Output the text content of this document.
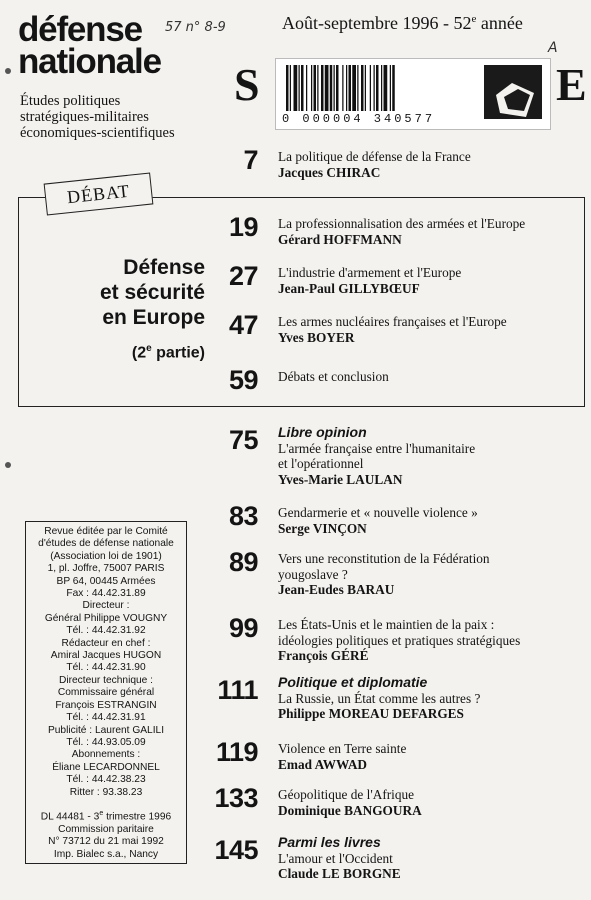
défense
nationale
Études politiques
stratégiques-militaires
économiques-scientifiques
57 n° 8-9
A
Août-septembre 1996 - 52e année
S	E
0 000004 340577
DÉBAT
Défense
et sécurité
en Europe
(2e partie)
7 La politique de défense de la France
Jacques CHIRAC
19 La professionnalisation des armées et l'Europe
Gérard HOFFMANN
27 L'industrie d'armement et l'Europe
Jean-Paul GILLYBŒUF
47 Les armes nucléaires françaises et l'Europe
Yves BOYER
59 Débats et conclusion
75 Libre opinion
L'armée française entre l'humanitaire
et l'opérationnel
Yves-Marie LAULAN
83 Gendarmerie et « nouvelle violence »
Serge VINÇON
89 Vers une reconstitution de la Fédération
yougoslave ?
Jean-Eudes BARAU
99 Les États-Unis et le maintien de la paix :
idéologies politiques et pratiques stratégiques
François GÉRÉ
111 Politique et diplomatie
La Russie, un État comme les autres ?
Philippe MOREAU DEFARGES
119 Violence en Terre sainte
Emad AWWAD
133 Géopolitique de l'Afrique
Dominique BANGOURA
145 Parmi les livres
L'amour et l'Occident
Claude LE BORGNE
Revue éditée par le Comité
d'études de défense nationale
(Association loi de 1901)
1, pl. Joffre, 75007 PARIS
BP 64, 00445 Armées
Fax : 44.42.31.89
Directeur :
Général Philippe VOUGNY
Tél. : 44.42.31.92
Rédacteur en chef :
Amiral Jacques HUGON
Tél. : 44.42.31.90
Directeur technique :
Commissaire général
François ESTRANGIN
Tél. : 44.42.31.91
Publicité : Laurent GALILI
Tél. : 44.93.05.09
Abonnements :
Éliane LECARDONNEL
Tél. : 44.42.38.23
Ritter : 93.38.23
DL 44481 - 3e trimestre 1996
Commission paritaire
N° 73712 du 21 mai 1992
Imp. Bialec s.a., Nancy
